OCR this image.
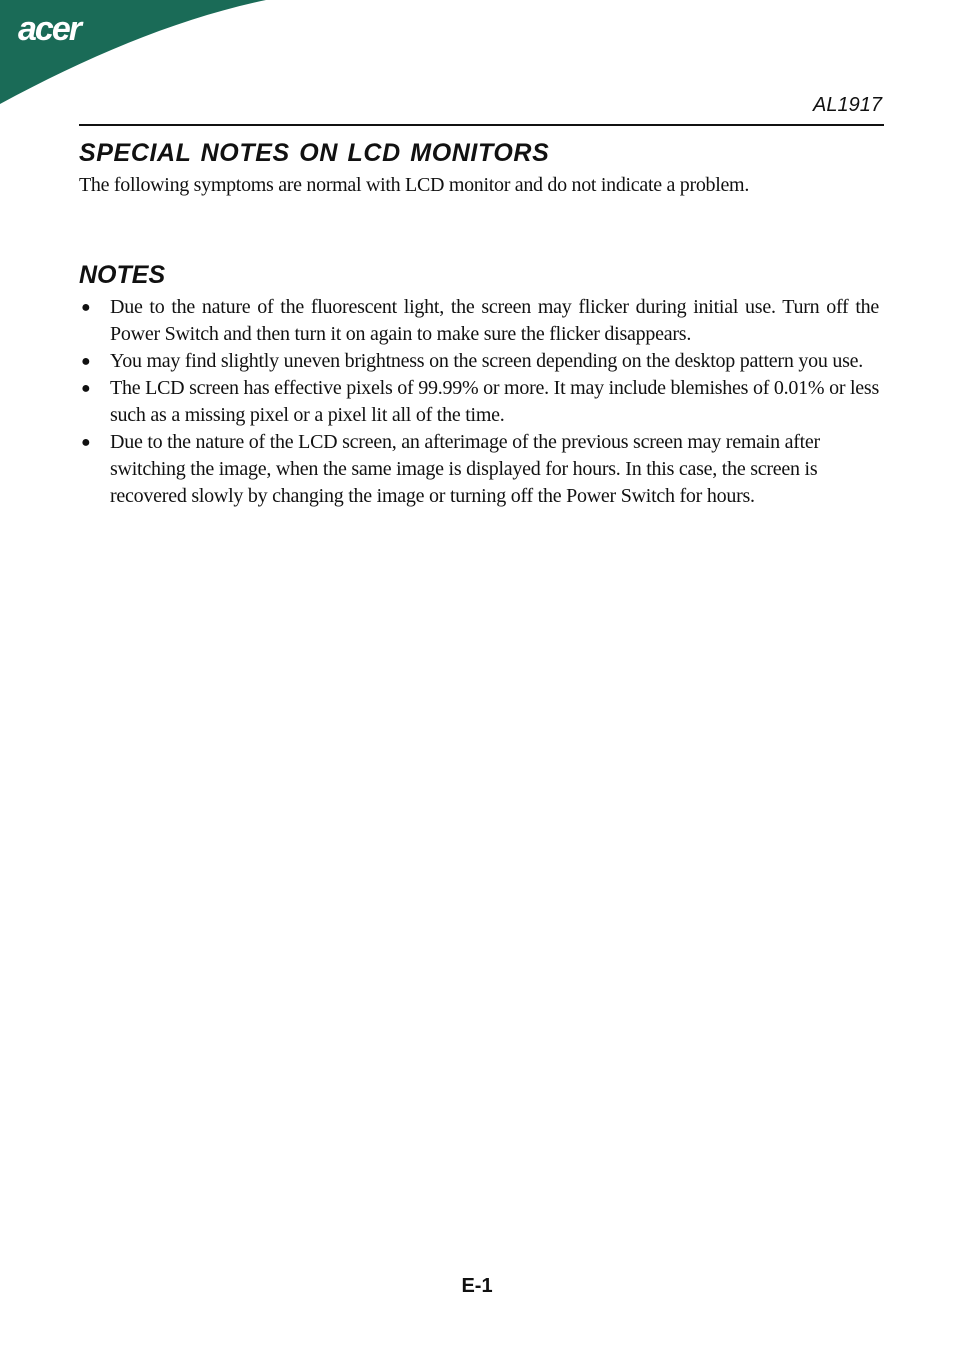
acer
AL1917
SPECIAL NOTES ON LCD MONITORS

The following symptoms are normal with LCD monitor and do not indicate a problem.

NOTES
● Due to the nature of the fluorescent light, the screen may flicker during initial use. Turn off the Power Switch and then turn it on again to make sure the flicker disappears.
● You may find slightly uneven brightness on the screen depending on the desktop pattern you use.
● The LCD screen has effective pixels of 99.99% or more. It may include blemishes of 0.01% or less such as a missing pixel or a pixel lit all of the time.
● Due to the nature of the LCD screen, an afterimage of the previous screen may remain after switching the image, when the same image is displayed for hours. In this case, the screen is recovered slowly by changing the image or turning off the Power Switch for hours.
E-1
